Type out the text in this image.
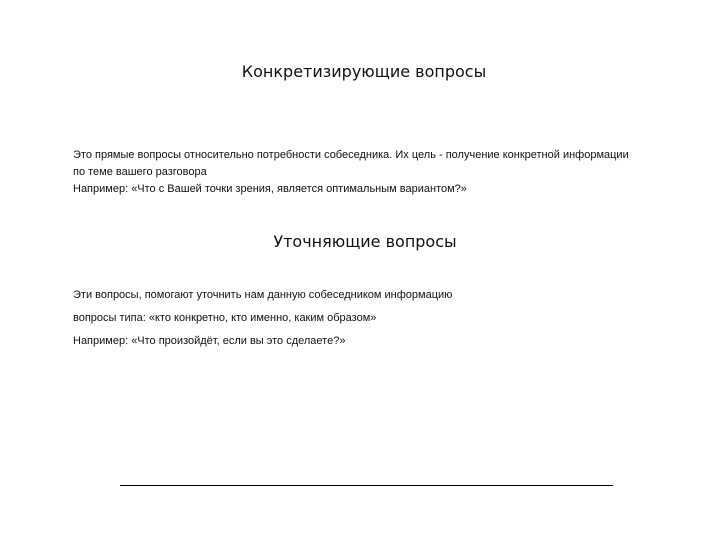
Конкретизирующие вопросы
Это прямые вопросы относительно потребности собеседника. Их цель - получение конкретной информации по теме вашего разговора
Например: «Что с Вашей точки зрения, является оптимальным вариантом?»
Уточняющие вопросы
Эти вопросы, помогают уточнить нам данную собеседником информацию
вопросы типа: «кто конкретно, кто именно, каким образом»
Например: «Что произойдёт, если вы это сделаете?»
